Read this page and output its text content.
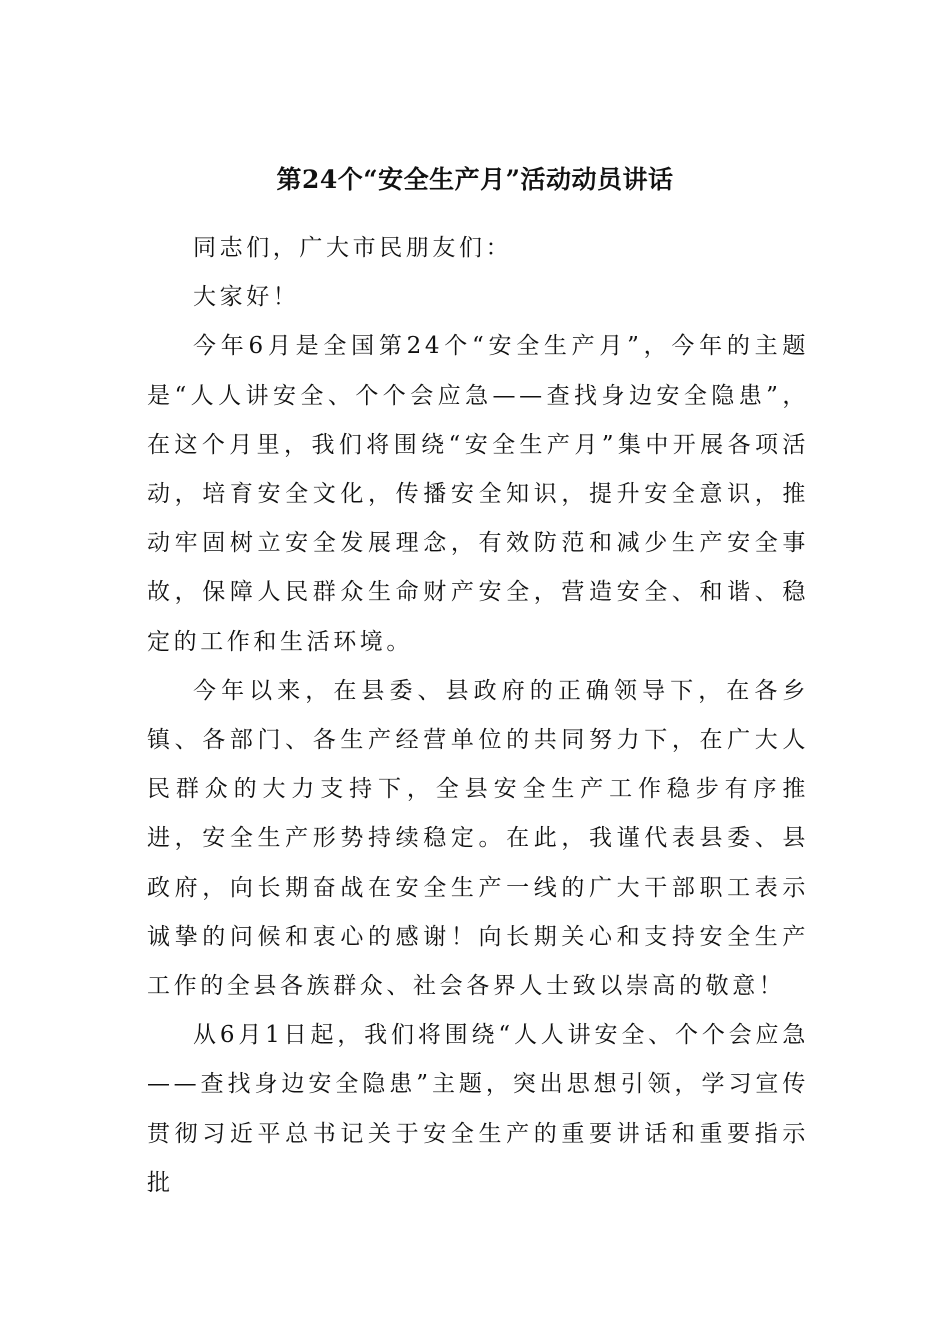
第24个“安全生产月”活动动员讲话

同志们，广大市民朋友们：

大家好！

今年6月是全国第24个“安全生产月”，今年的主题是“人人讲安全、个个会应急——查找身边安全隐患”，在这个月里，我们将围绕“安全生产月”集中开展各项活动，培育安全文化，传播安全知识，提升安全意识，推动牢固树立安全发展理念，有效防范和减少生产安全事故，保障人民群众生命财产安全，营造安全、和谐、稳定的工作和生活环境。

今年以来，在县委、县政府的正确领导下，在各乡镇、各部门、各生产经营单位的共同努力下，在广大人民群众的大力支持下，全县安全生产工作稳步有序推进，安全生产形势持续稳定。在此，我谨代表县委、县政府，向长期奋战在安全生产一线的广大干部职工表示诚挚的问候和衷心的感谢！向长期关心和支持安全生产工作的全县各族群众、社会各界人士致以崇高的敬意！

从6月1日起，我们将围绕“人人讲安全、个个会应急——查找身边安全隐患”主题，突出思想引领，学习宣传贯彻习近平总书记关于安全生产的重要讲话和重要指示批
